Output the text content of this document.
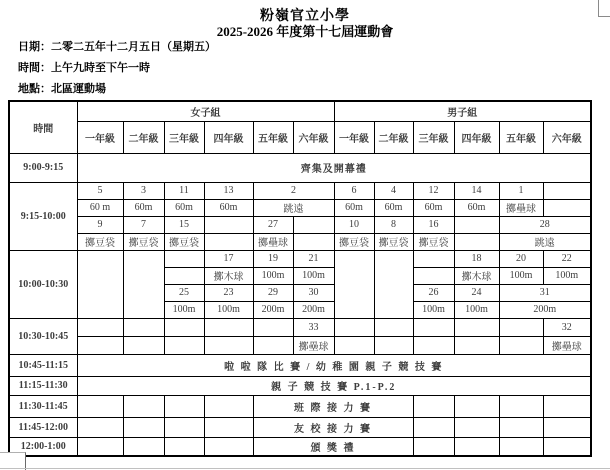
粉嶺官立小學
2025-2026 年度第十七屆運動會
日期：二零二五年十二月五日（星期五）
時間：上午九時至下午一時
地點：北區運動場
時間	女子組						男子組					
	一年級	二年級	三年級	四年級	五年級	六年級	一年級	二年級	三年級	四年級	五年級	六年級
9:00-9:15	齊集及開幕禮											
9:15-10:00	5	3	11	13	2		6	4	12	14	1	
	60 m	60m	60m	60m	跳遠		60m	60m	60m	60m	擲壘球	
	9	7	15		27		10	8	16		28	
	擲豆袋	擲豆袋	擲豆袋		擲壘球		擲豆袋	擲豆袋	擲豆袋		跳遠	
10:00-10:30				17	19	21				18	20	22
				擲木球	100m	100m				擲木球	100m	100m
			25	23	29	30			26	24	31	
			100m	100m	200m	200m			100m	100m	200m	
10:30-10:45						33						32
						擲壘球						擲壘球
10:45-11:15	啦 啦 隊 比 賽 / 幼 稚 園 親 子 競 技 賽											
11:15-11:30	親 子 競 技 賽 P.1-P.2											
11:30-11:45					班 際 接 力 賽							
11:45-12:00					友 校 接 力 賽							
12:00-1:00					頒 獎 禮							
